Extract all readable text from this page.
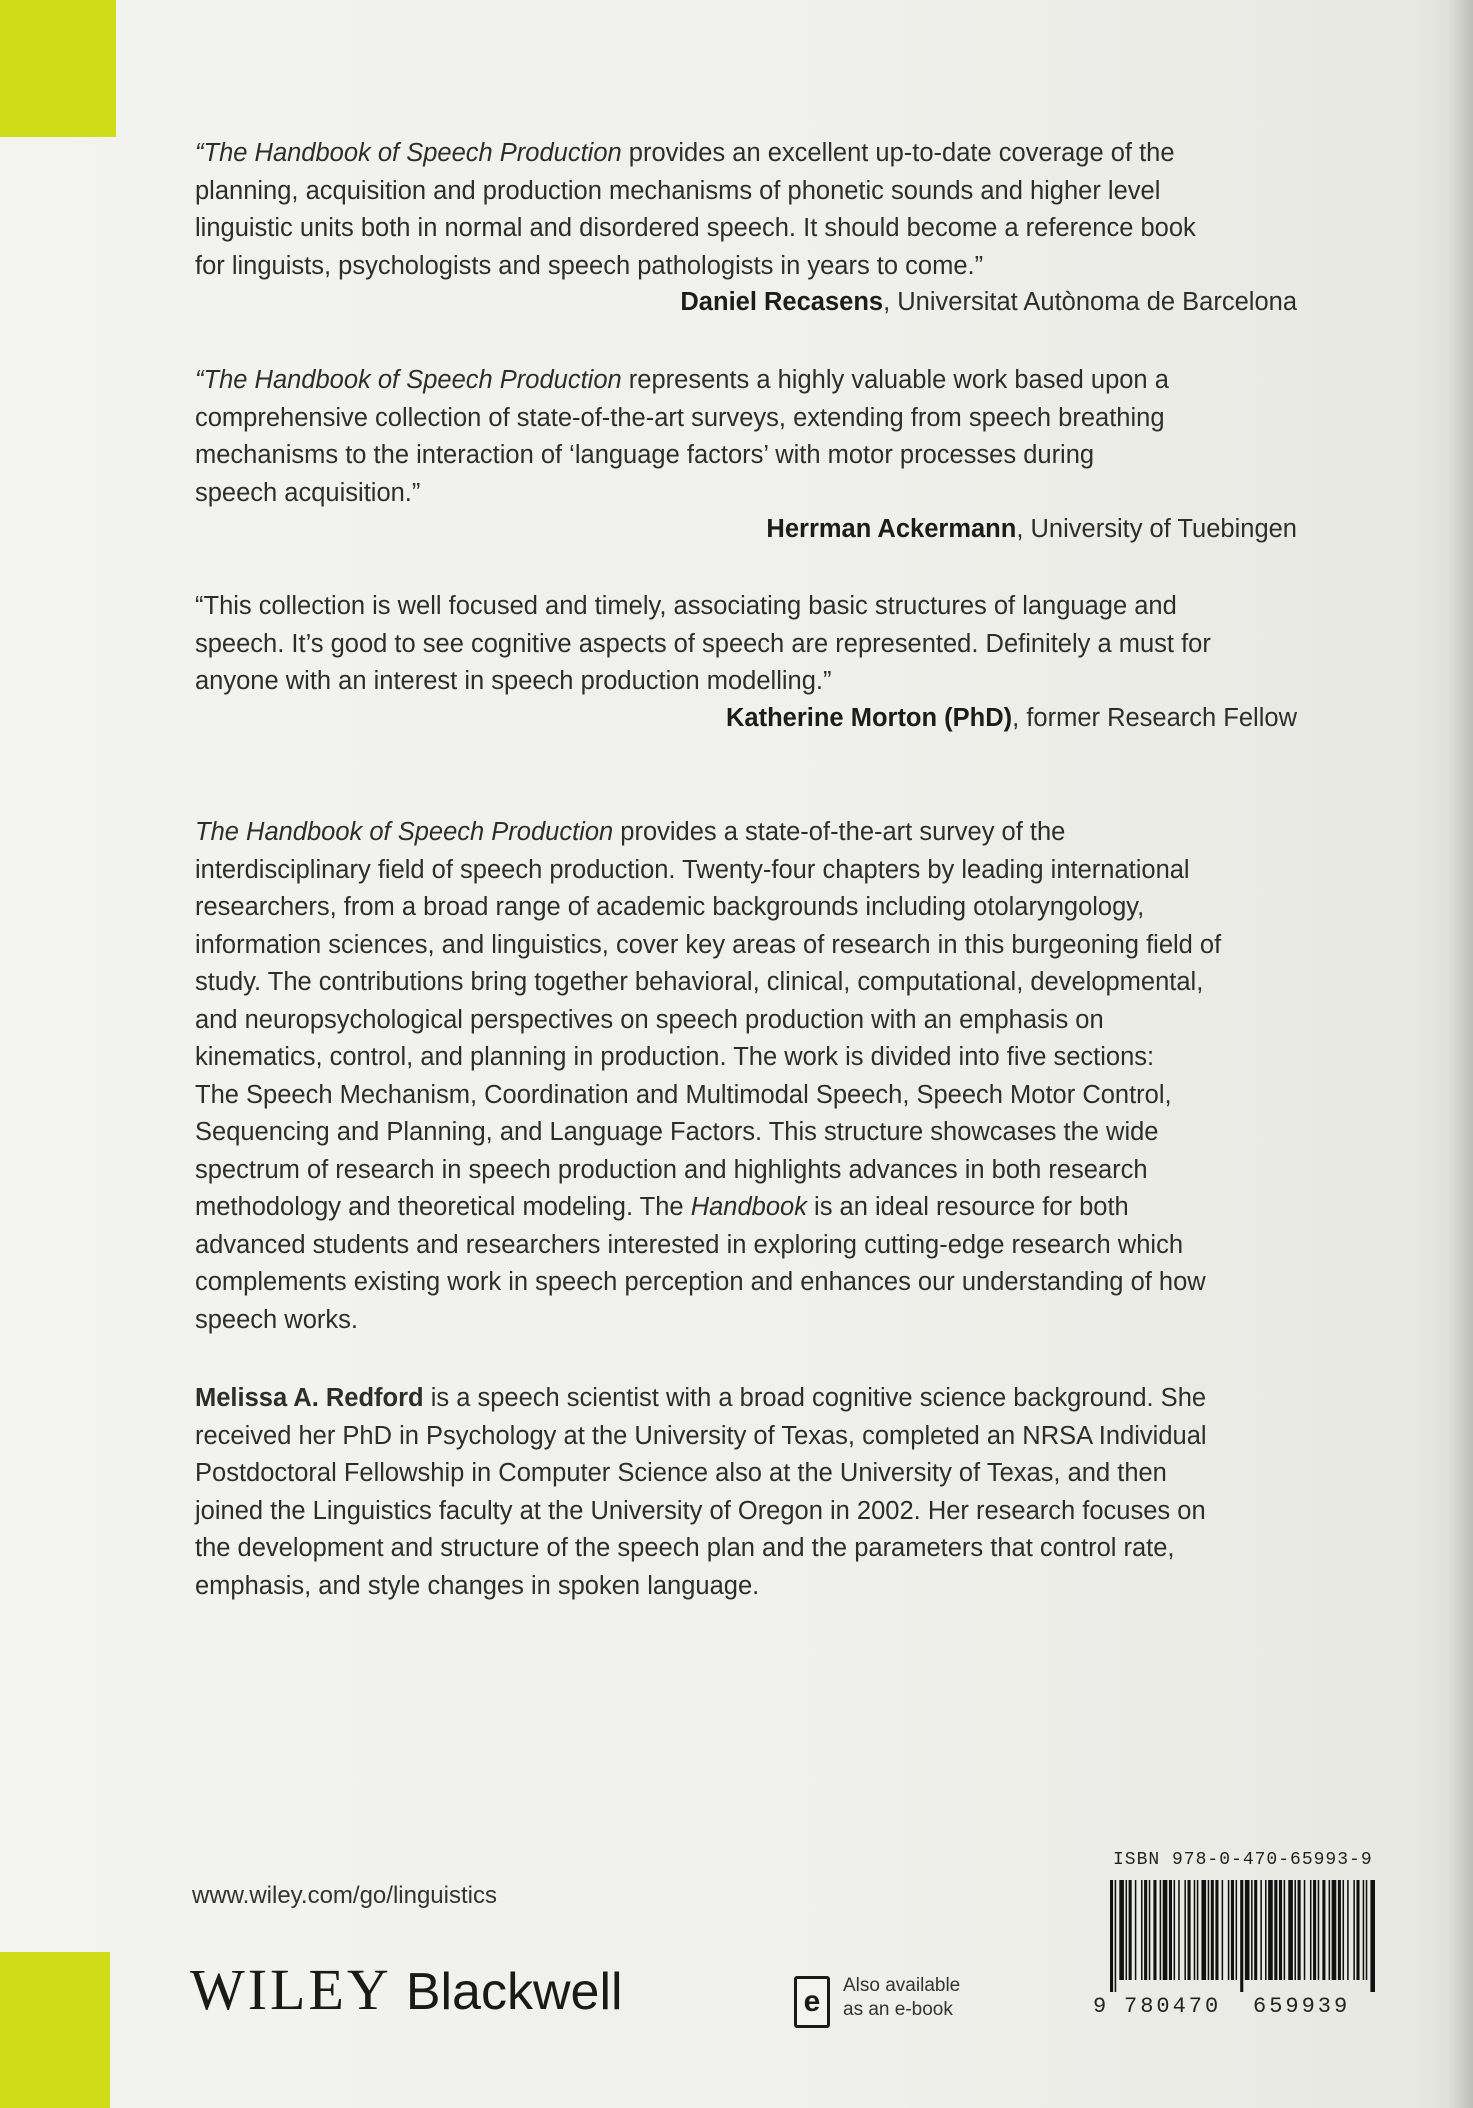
“The Handbook of Speech Production provides an excellent up-to-date coverage of the
planning, acquisition and production mechanisms of phonetic sounds and higher level
linguistic units both in normal and disordered speech. It should become a reference book
for linguists, psychologists and speech pathologists in years to come.”
Daniel Recasens, Universitat Autònoma de Barcelona
“The Handbook of Speech Production represents a highly valuable work based upon a
comprehensive collection of state-of-the-art surveys, extending from speech breathing
mechanisms to the interaction of ‘language factors’ with motor processes during
speech acquisition.”
Herrman Ackermann, University of Tuebingen
“This collection is well focused and timely, associating basic structures of language and
speech. It’s good to see cognitive aspects of speech are represented. Definitely a must for
anyone with an interest in speech production modelling.”
Katherine Morton (PhD), former Research Fellow
The Handbook of Speech Production provides a state-of-the-art survey of the
interdisciplinary field of speech production. Twenty-four chapters by leading international
researchers, from a broad range of academic backgrounds including otolaryngology,
information sciences, and linguistics, cover key areas of research in this burgeoning field of
study. The contributions bring together behavioral, clinical, computational, developmental,
and neuropsychological perspectives on speech production with an emphasis on
kinematics, control, and planning in production. The work is divided into five sections:
The Speech Mechanism, Coordination and Multimodal Speech, Speech Motor Control,
Sequencing and Planning, and Language Factors. This structure showcases the wide
spectrum of research in speech production and highlights advances in both research
methodology and theoretical modeling. The Handbook is an ideal resource for both
advanced students and researchers interested in exploring cutting-edge research which
complements existing work in speech perception and enhances our understanding of how
speech works.
Melissa A. Redford is a speech scientist with a broad cognitive science background. She
received her PhD in Psychology at the University of Texas, completed an NRSA Individual
Postdoctoral Fellowship in Computer Science also at the University of Texas, and then
joined the Linguistics faculty at the University of Oregon in 2002. Her research focuses on
the development and structure of the speech plan and the parameters that control rate,
emphasis, and style changes in spoken language.
www.wiley.com/go/linguistics
WILEY Blackwell	e Also available
as an e-book
ISBN 978-0-470-65993-9
9 780470 659939
